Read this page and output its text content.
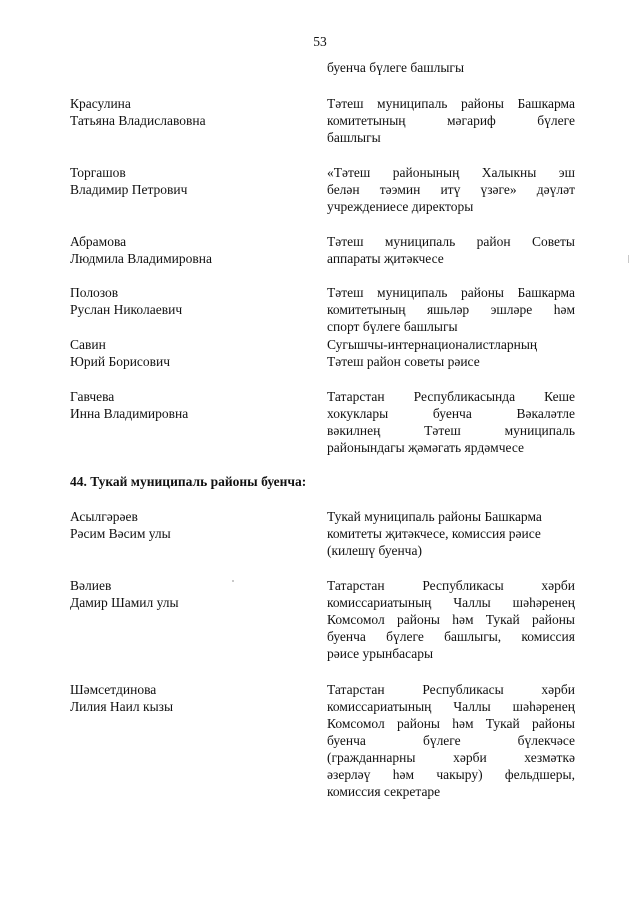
53
буенча бүлеге башлыгы
Красулина
Татьяна Владиславовна
Тәтеш муниципаль районы Башкарма
комитетының мәгариф бүлеге
башлыгы
Торгашов
Владимир Петрович
«Тәтеш районының Халыкны эш
белән тәэмин итү үзәге» дәүләт
учреждениесе директоры
Абрамова
Людмила Владимировна
Тәтеш муниципаль район Советы
аппараты җитәкчесе
Полозов
Руслан Николаевич
Тәтеш муниципаль районы Башкарма
комитетының яшьләр эшләре һәм
спорт бүлеге башлыгы
Савин
Юрий Борисович
Сугышчы-интернационалистларның
Тәтеш район советы рәисе
Гавчева
Инна Владимировна
Татарстан Республикасында Кеше
хокуклары буенча Вәкаләтле
вәкилнең Тәтеш муниципаль
районындагы җәмәгать ярдәмчесе
44. Тукай муниципаль районы буенча:
Асылгәрәев
Рәсим Вәсим улы
Тукай муниципаль районы Башкарма
комитеты җитәкчесе, комиссия рәисе
(килешү буенча)
Вәлиев
Дамир Шамил улы
Татарстан Республикасы хәрби
комиссариатының Чаллы шәһәренең
Комсомол районы һәм Тукай районы
буенча бүлеге башлыгы, комиссия
рәисе урынбасары
Шәмсетдинова
Лилия Наил кызы
Татарстан Республикасы хәрби
комиссариатының Чаллы шәһәренең
Комсомол районы һәм Тукай районы
буенча бүлеге бүлекчәсе
(гражданнарны хәрби хезмәткә
әзерләү һәм чакыру) фельдшеры,
комиссия секретаре
